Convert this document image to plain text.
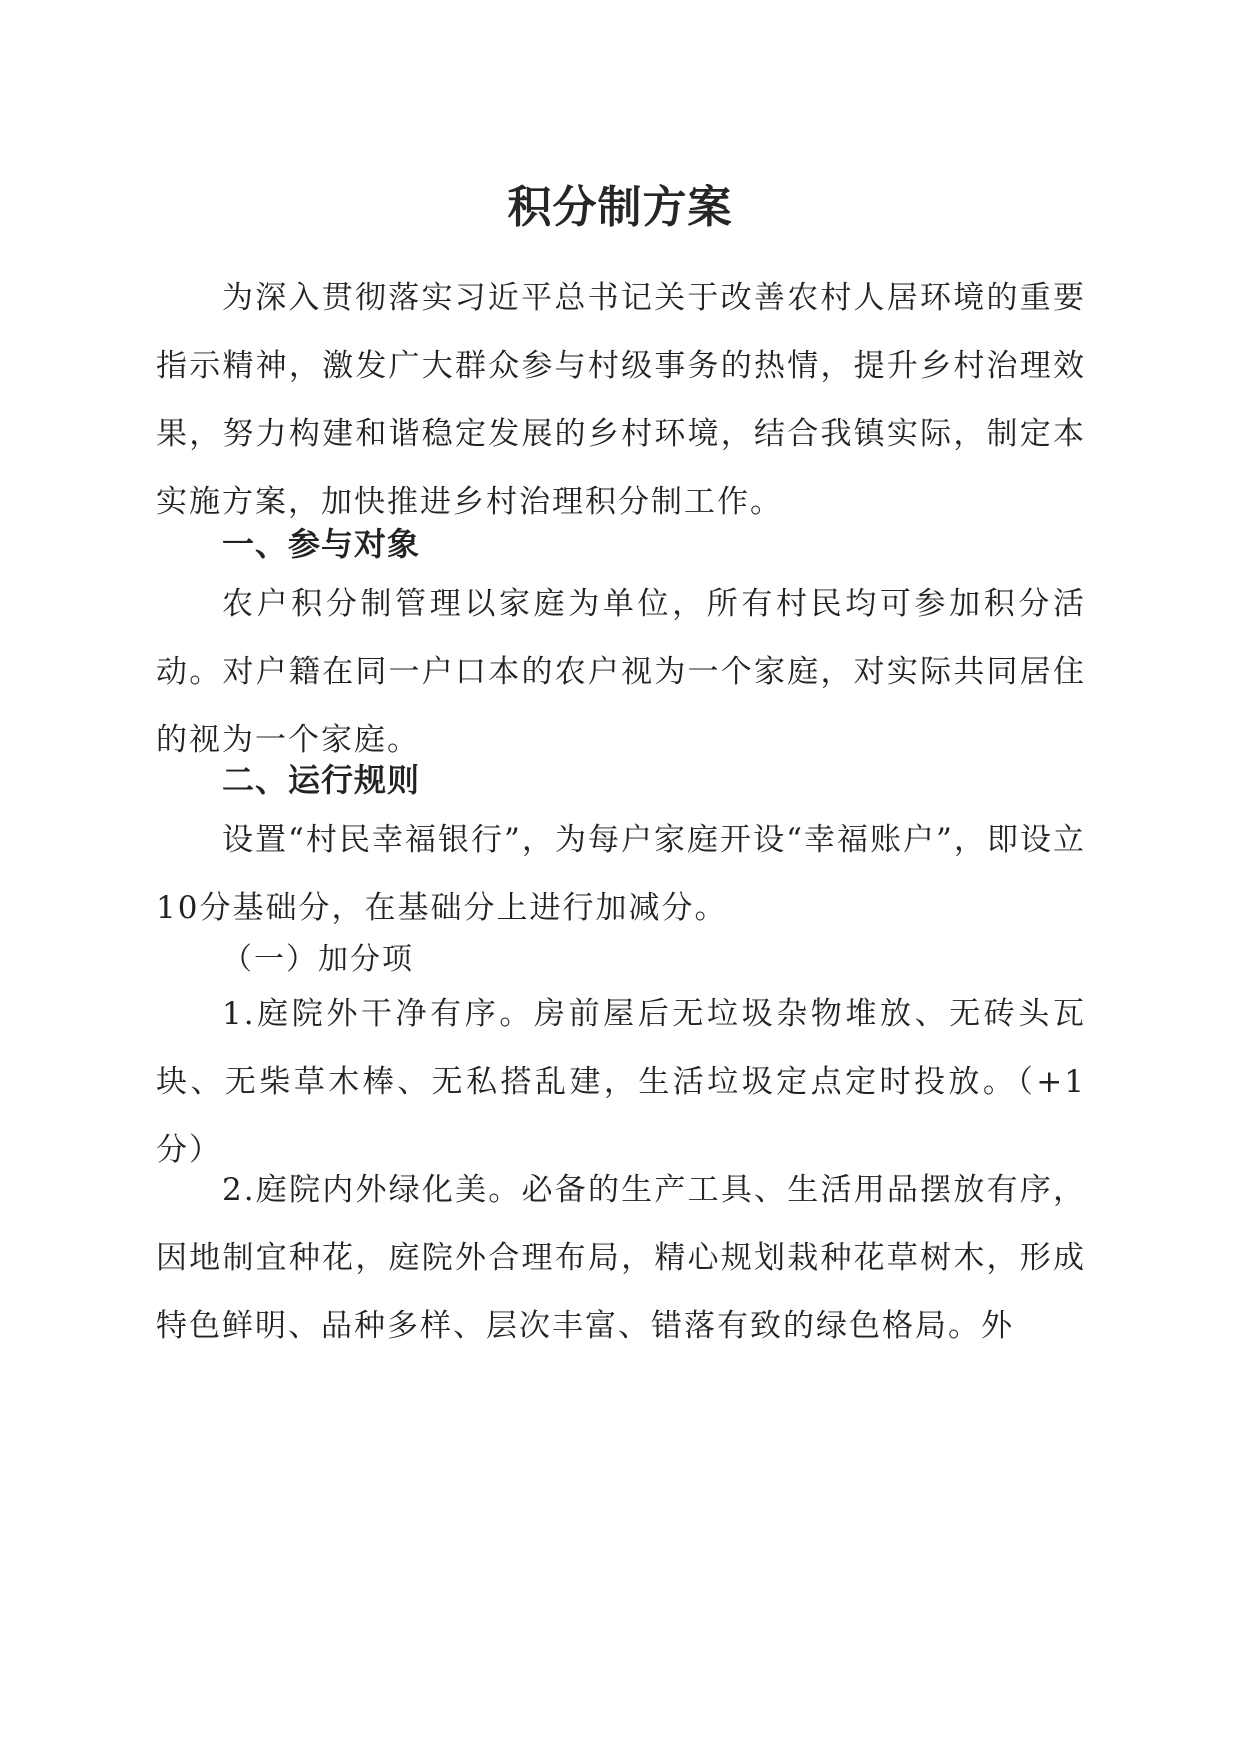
积分制方案

为深入贯彻落实习近平总书记关于改善农村人居环境的重要指示精神，激发广大群众参与村级事务的热情，提升乡村治理效果，努力构建和谐稳定发展的乡村环境，结合我镇实际，制定本实施方案，加快推进乡村治理积分制工作。

一、参与对象

农户积分制管理以家庭为单位，所有村民均可参加积分活动。对户籍在同一户口本的农户视为一个家庭，对实际共同居住的视为一个家庭。

二、运行规则

设置“村民幸福银行”，为每户家庭开设“幸福账户”，即设立10分基础分，在基础分上进行加减分。

（一）加分项

1.庭院外干净有序。房前屋后无垃圾杂物堆放、无砖头瓦块、无柴草木棒、无私搭乱建，生活垃圾定点定时投放。（+1分）

2.庭院内外绿化美。必备的生产工具、生活用品摆放有序，因地制宜种花，庭院外合理布局，精心规划栽种花草树木，形成特色鲜明、品种多样、层次丰富、错落有致的绿色格局。外
